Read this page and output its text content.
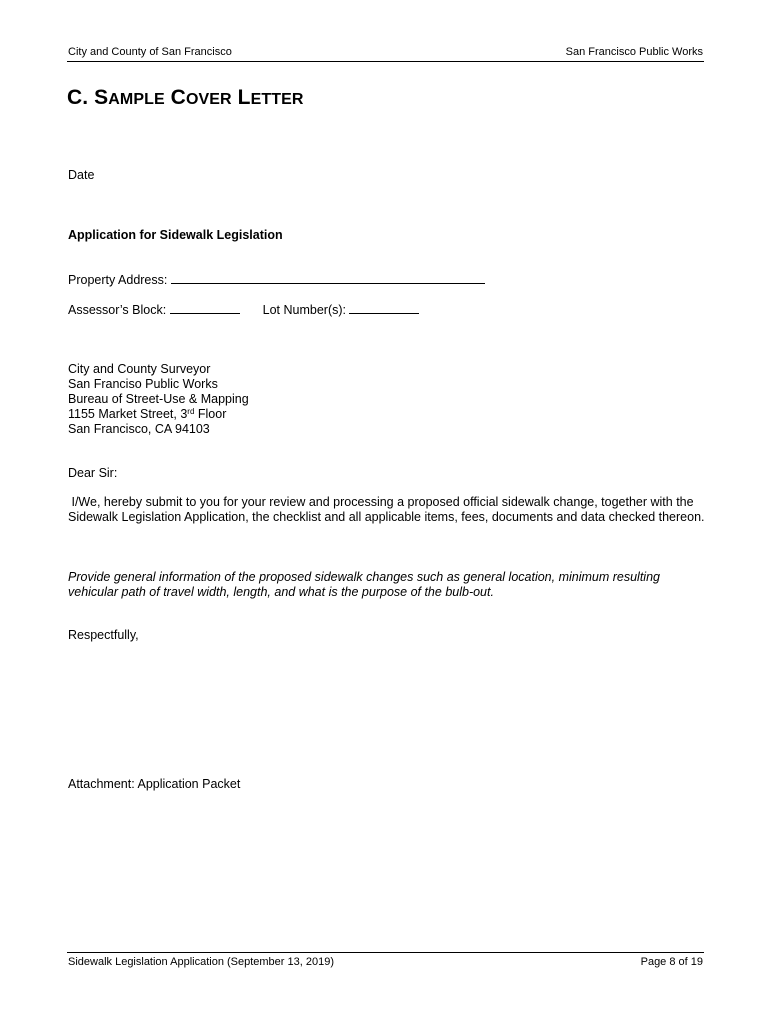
City and County of San Francisco	San Francisco Public Works
C. SAMPLE COVER LETTER
Date
Application for Sidewalk Legislation
Property Address:
Assessor’s Block:	Lot Number(s):
City and County Surveyor
San Franciso Public Works
Bureau of Street-Use & Mapping
1155 Market Street, 3rd Floor
San Francisco, CA 94103
Dear Sir:
I/We, hereby submit to you for your review and processing a proposed official sidewalk change, together with the Sidewalk Legislation Application, the checklist and all applicable items, fees, documents and data checked thereon.
Provide general information of the proposed sidewalk changes such as general location, minimum resulting vehicular path of travel width, length, and what is the purpose of the bulb-out.
Respectfully,
Attachment: Application Packet
Sidewalk Legislation Application (September 13, 2019)	Page 8 of 19
